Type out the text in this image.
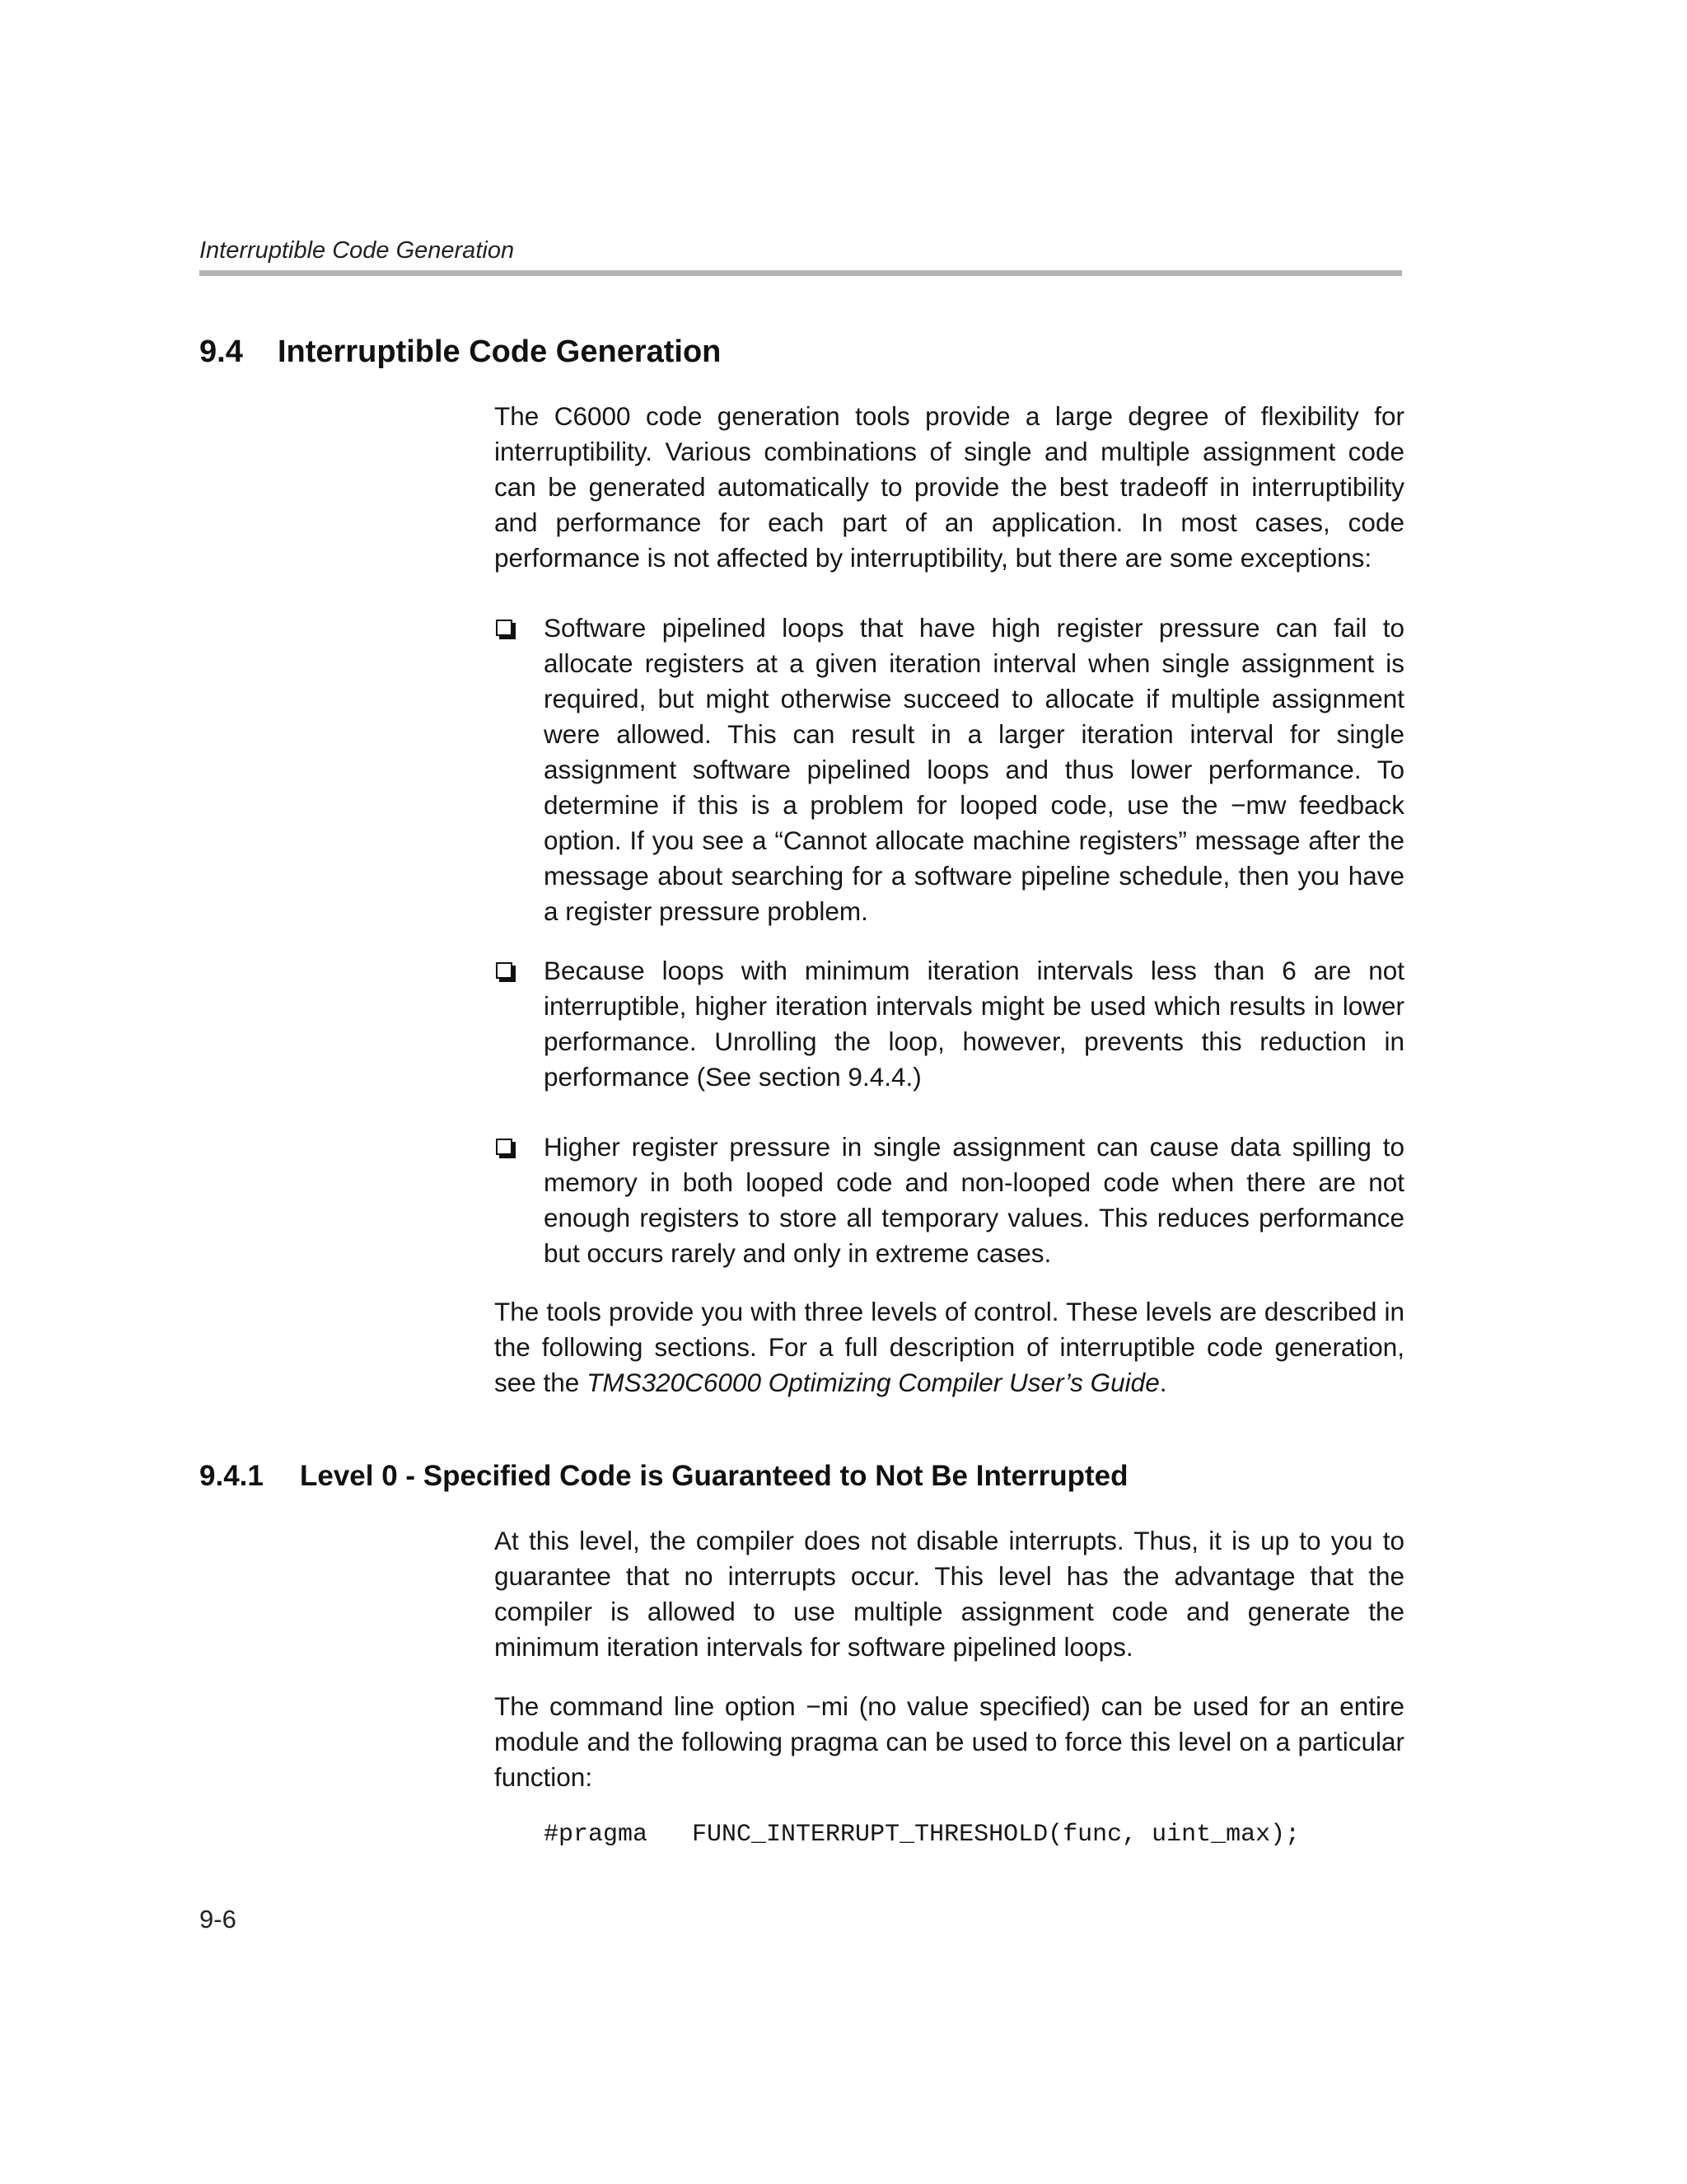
Interruptible Code Generation
9.4 Interruptible Code Generation

The C6000 code generation tools provide a large degree of flexibility for interruptibility. Various combinations of single and multiple assignment code can be generated automatically to provide the best tradeoff in interruptibility and performance for each part of an application. In most cases, code performance is not affected by interruptibility, but there are some exceptions:

Software pipelined loops that have high register pressure can fail to allocate registers at a given iteration interval when single assignment is required, but might otherwise succeed to allocate if multiple assignment were allowed. This can result in a larger iteration interval for single assignment software pipelined loops and thus lower performance. To determine if this is a problem for looped code, use the −mw feedback option. If you see a “Cannot allocate machine registers” message after the message about searching for a software pipeline schedule, then you have a register pressure problem.
Because loops with minimum iteration intervals less than 6 are not interruptible, higher iteration intervals might be used which results in lower performance. Unrolling the loop, however, prevents this reduction in performance (See section 9.4.4.)
Higher register pressure in single assignment can cause data spilling to memory in both looped code and non-looped code when there are not enough registers to store all temporary values. This reduces performance but occurs rarely and only in extreme cases.

The tools provide you with three levels of control. These levels are described in the following sections. For a full description of interruptible code generation, see the TMS320C6000 Optimizing Compiler User’s Guide.

9.4.1 Level 0 - Specified Code is Guaranteed to Not Be Interrupted

At this level, the compiler does not disable interrupts. Thus, it is up to you to guarantee that no interrupts occur. This level has the advantage that the compiler is allowed to use multiple assignment code and generate the minimum iteration intervals for software pipelined loops.

The command line option −mi (no value specified) can be used for an entire module and the following pragma can be used to force this level on a particular function:

#pragma   FUNC_INTERRUPT_THRESHOLD(func, uint_max);
9-6
